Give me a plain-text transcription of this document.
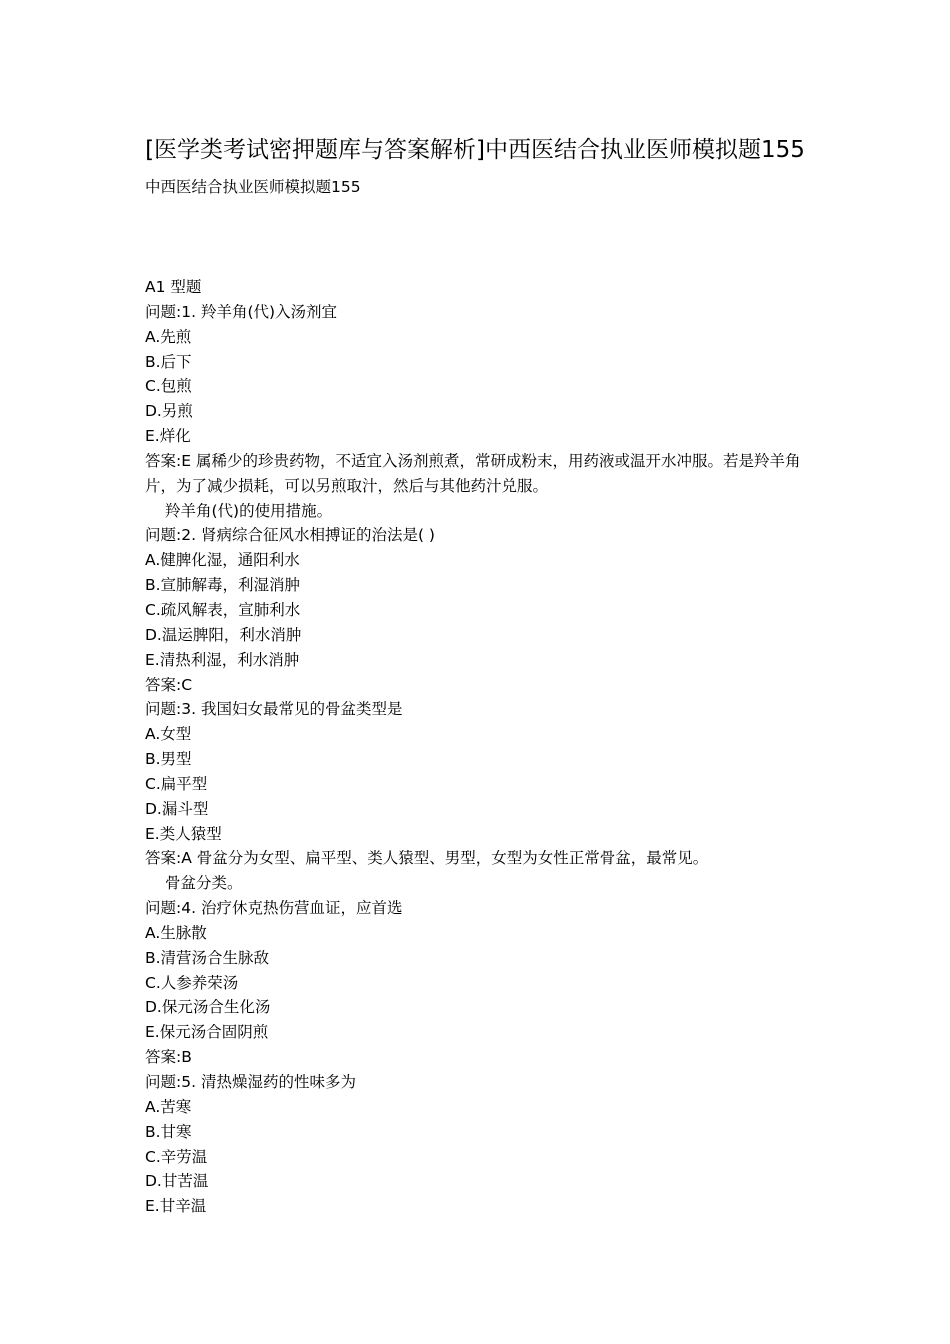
[医学类考试密押题库与答案解析]中西医结合执业医师模拟题155
中西医结合执业医师模拟题155
A1 型题
问题:1. 羚羊角(代)入汤剂宜
A.先煎
B.后下
C.包煎
D.另煎
E.烊化
答案:E 属稀少的珍贵药物，不适宜入汤剂煎煮，常研成粉末，用药液或温开水冲服。若是羚羊角片，为了减少损耗，可以另煎取汁，然后与其他药汁兑服。
羚羊角(代)的使用措施。
问题:2. 肾病综合征风水相搏证的治法是( )
A.健脾化湿，通阳利水
B.宣肺解毒，利湿消肿
C.疏风解表，宣肺利水
D.温运脾阳，利水消肿
E.清热利湿，利水消肿
答案:C
问题:3. 我国妇女最常见的骨盆类型是
A.女型
B.男型
C.扁平型
D.漏斗型
E.类人猿型
答案:A 骨盆分为女型、扁平型、类人猿型、男型，女型为女性正常骨盆，最常见。
骨盆分类。
问题:4. 治疗休克热伤营血证，应首选
A.生脉散
B.清营汤合生脉敌
C.人参养荣汤
D.保元汤合生化汤
E.保元汤合固阴煎
答案:B
问题:5. 清热燥湿药的性味多为
A.苦寒
B.甘寒
C.辛劳温
D.甘苦温
E.甘辛温
